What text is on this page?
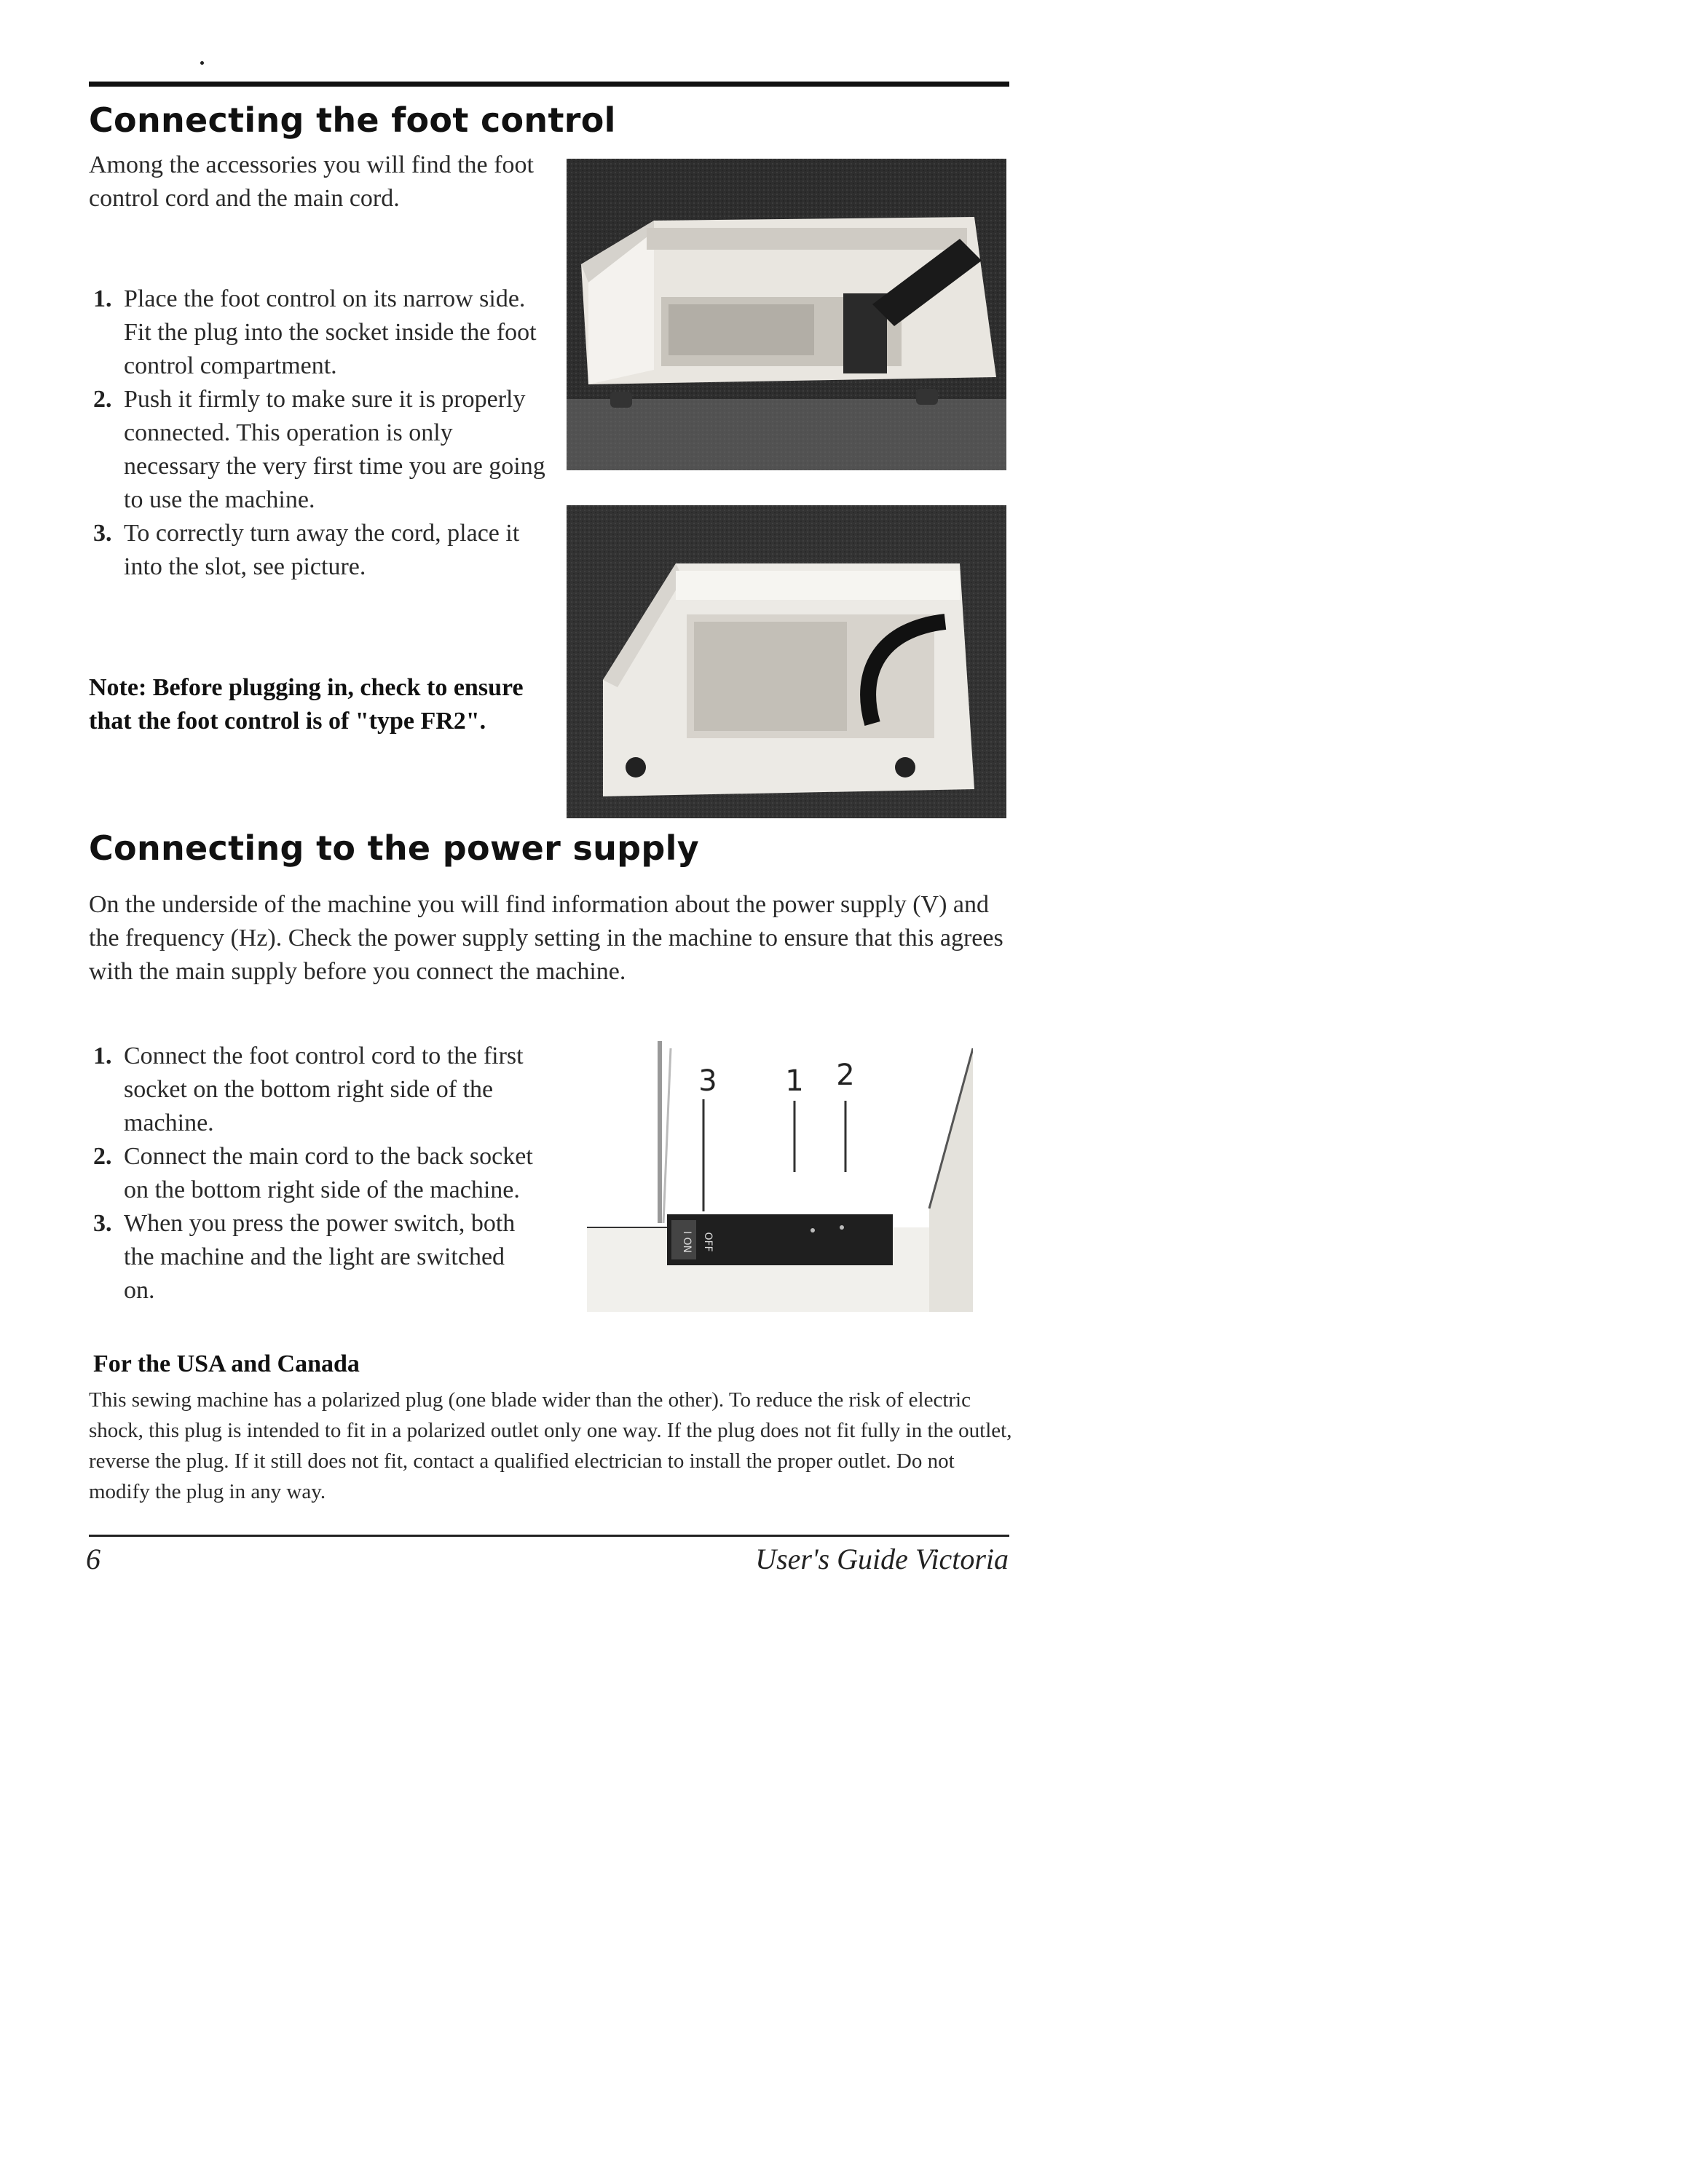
Connecting the foot control

Among the accessories you will find the foot control cord and the main cord.

1. Place the foot control on its narrow side. Fit the plug into the socket inside the foot control compartment.
2. Push it firmly to make sure it is properly connected. This operation is only necessary the very first time you are going to use the machine.
3. To correctly turn away the cord, place it into the slot, see picture.

Note: Before plugging in, check to ensure that the foot control is of "type FR2".

Connecting to the power supply

On the underside of the machine you will find information about the power supply (V) and the frequency (Hz). Check the power supply setting in the machine to ensure that this agrees with the main supply before you connect the machine.

1. Connect the foot control cord to the first socket on the bottom right side of the machine.
2. Connect the main cord to the back socket on the bottom right side of the machine.
3. When you press the power switch, both the machine and the light are switched on.
I ON OFF
3 1 2

For the USA and Canada

This sewing machine has a polarized plug (one blade wider than the other). To reduce the risk of electric shock, this plug is intended to fit in a polarized outlet only one way. If the plug does not fit fully in the outlet, reverse the plug. If it still does not fit, contact a qualified electrician to install the proper outlet. Do not modify the plug in any way.

6	User's Guide Victoria
